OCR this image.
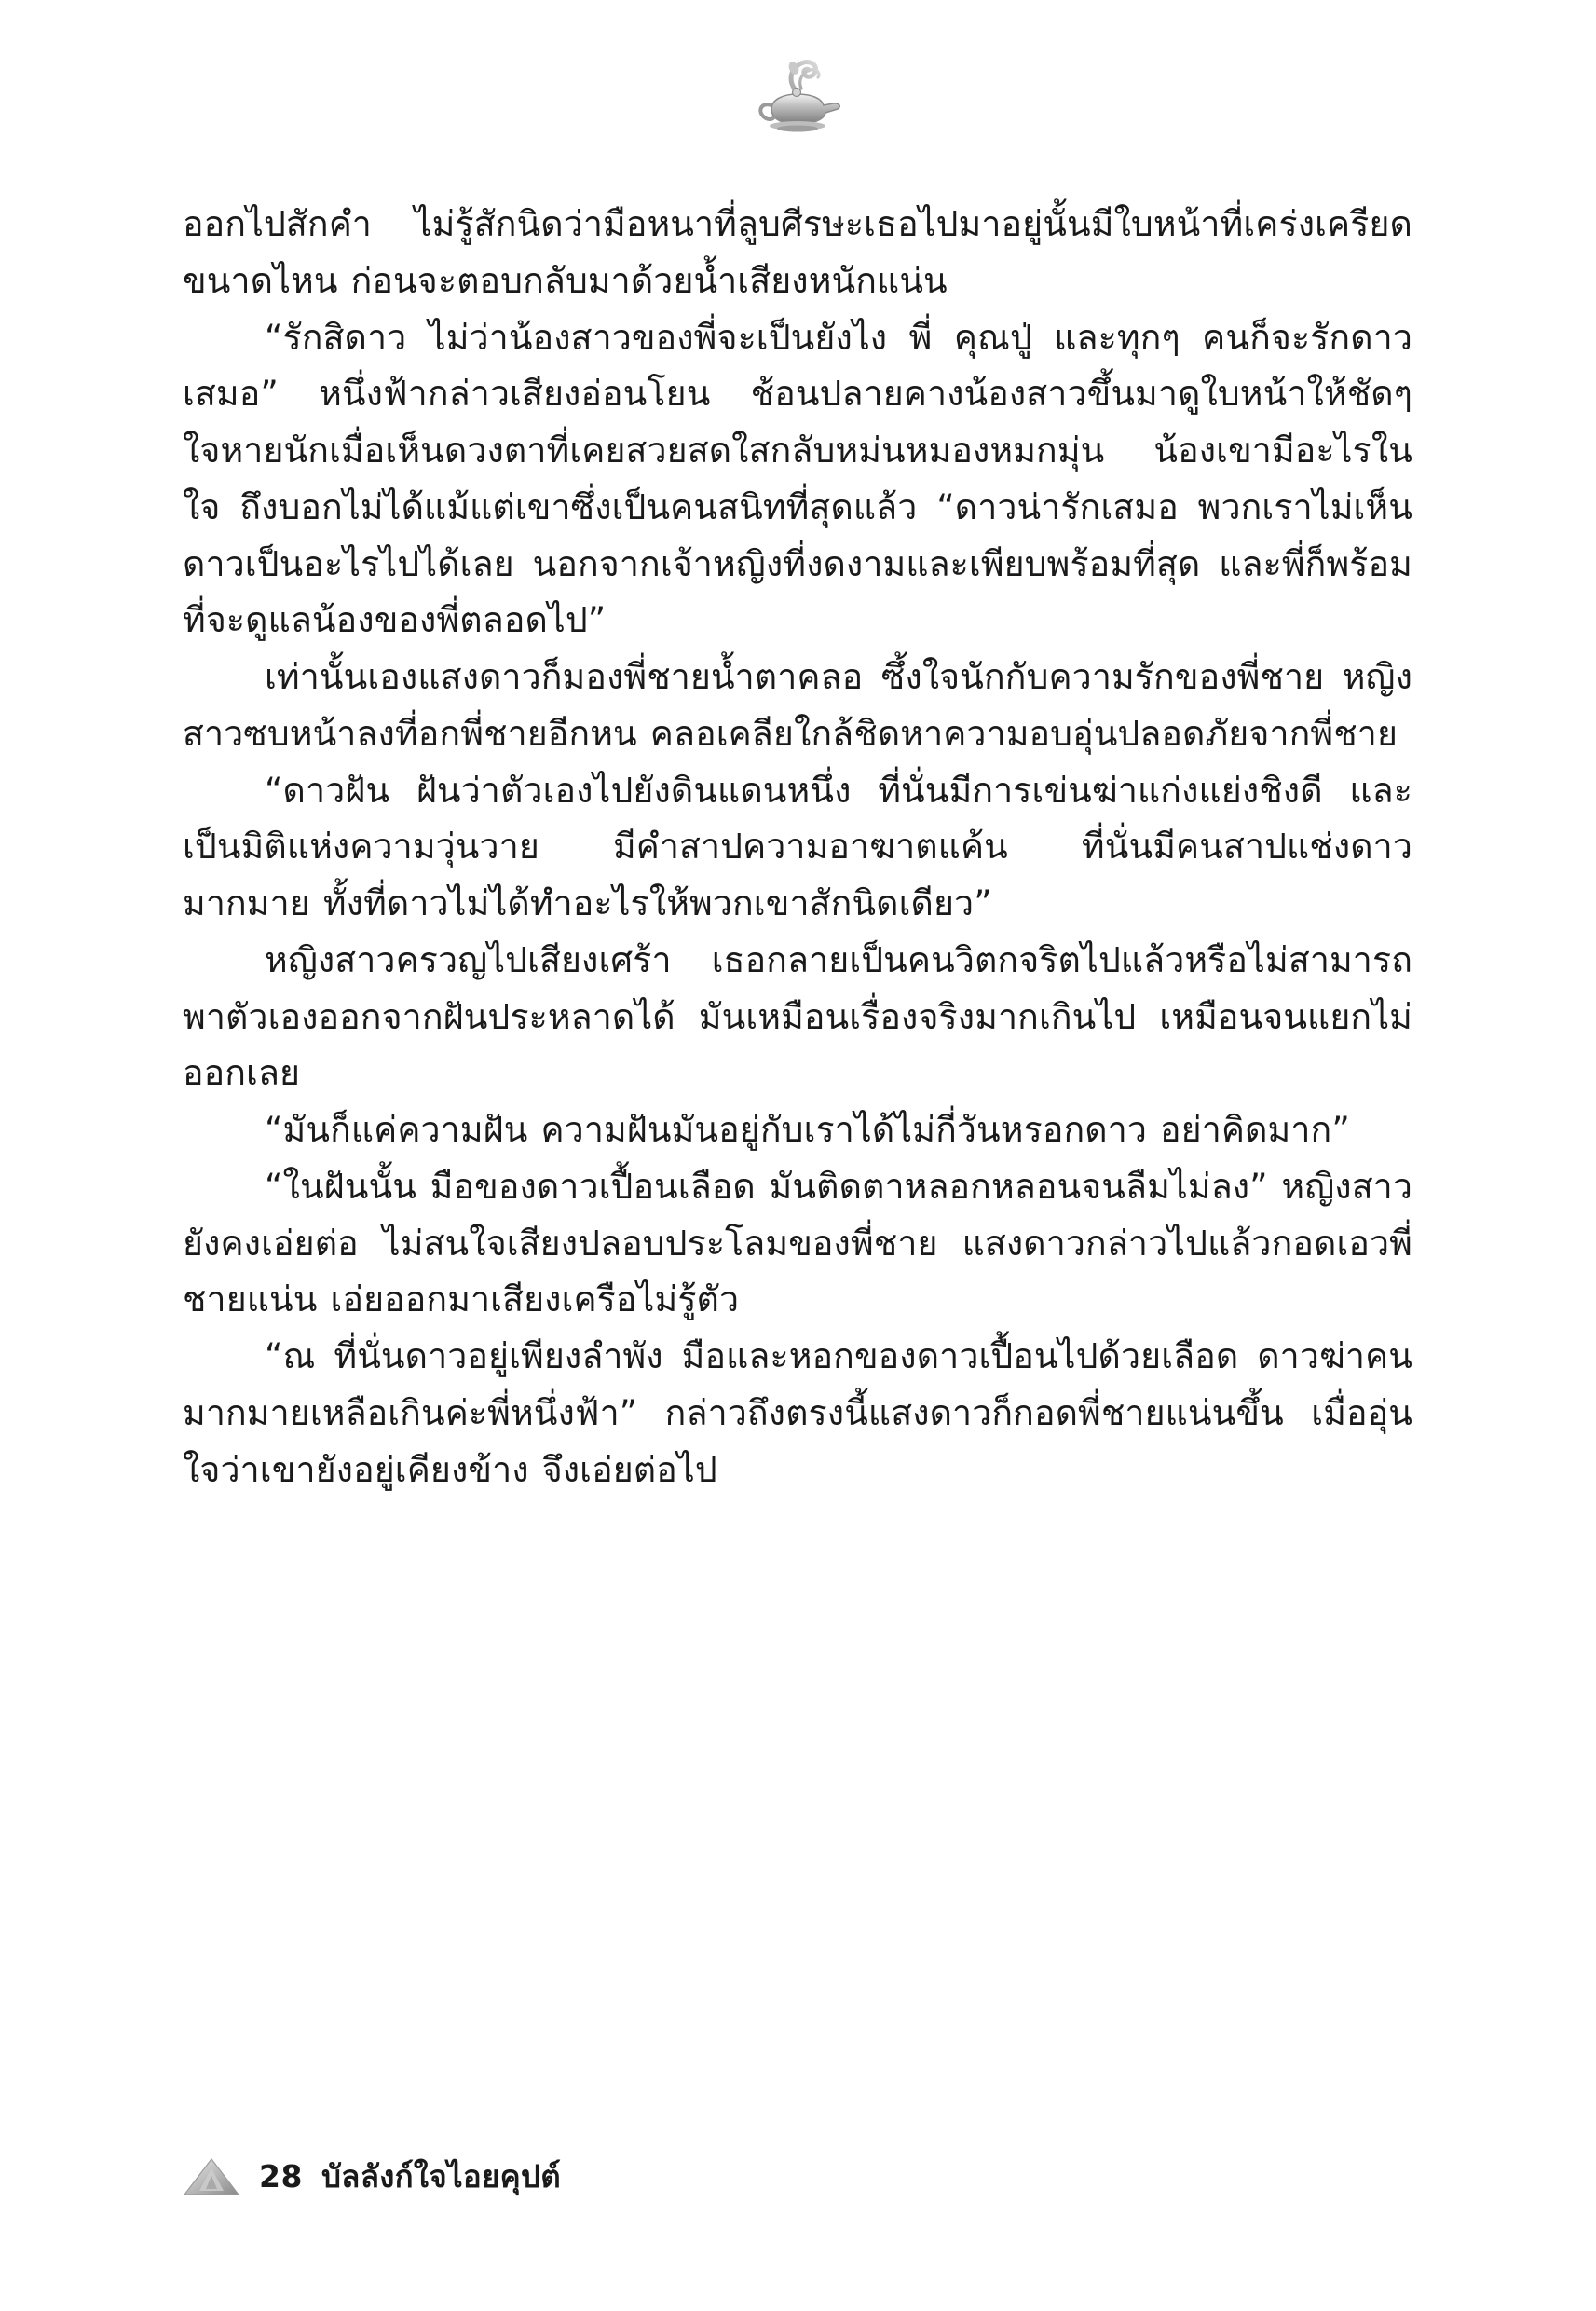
ออกไปสักคำ ไม่รู้สักนิดว่ามือหนาที่ลูบศีรษะเธอไปมาอยู่นั้นมีใบหน้าที่เคร่งเครียดขนาดไหน ก่อนจะตอบกลับมาด้วยน้ำเสียงหนักแน่น

“รักสิดาว ไม่ว่าน้องสาวของพี่จะเป็นยังไง พี่ คุณปู่ และทุกๆ คนก็จะรักดาวเสมอ” หนึ่งฟ้ากล่าวเสียงอ่อนโยน ช้อนปลายคางน้องสาวขึ้นมาดูใบหน้าให้ชัดๆ ใจหายนักเมื่อเห็นดวงตาที่เคยสวยสดใสกลับหม่นหมองหมกมุ่น น้องเขามีอะไรในใจ ถึงบอกไม่ได้แม้แต่เขาซึ่งเป็นคนสนิทที่สุดแล้ว “ดาวน่ารักเสมอ พวกเราไม่เห็นดาวเป็นอะไรไปได้เลย นอกจากเจ้าหญิงที่งดงามและเพียบพร้อมที่สุด และพี่ก็พร้อมที่จะดูแลน้องของพี่ตลอดไป”

เท่านั้นเองแสงดาวก็มองพี่ชายน้ำตาคลอ ซึ้งใจนักกับความรักของพี่ชาย หญิงสาวซบหน้าลงที่อกพี่ชายอีกหน คลอเคลียใกล้ชิดหาความอบอุ่นปลอดภัยจากพี่ชาย

“ดาวฝัน ฝันว่าตัวเองไปยังดินแดนหนึ่ง ที่นั่นมีการเข่นฆ่าแก่งแย่งชิงดี และเป็นมิติแห่งความวุ่นวาย มีคำสาปความอาฆาตแค้น ที่นั่นมีคนสาปแช่งดาวมากมาย ทั้งที่ดาวไม่ได้ทำอะไรให้พวกเขาสักนิดเดียว”

หญิงสาวครวญไปเสียงเศร้า เธอกลายเป็นคนวิตกจริตไปแล้วหรือไม่สามารถพาตัวเองออกจากฝันประหลาดได้ มันเหมือนเรื่องจริงมากเกินไป เหมือนจนแยกไม่ออกเลย

“มันก็แค่ความฝัน ความฝันมันอยู่กับเราได้ไม่กี่วันหรอกดาว อย่าคิดมาก”

“ในฝันนั้น มือของดาวเปื้อนเลือด มันติดตาหลอกหลอนจนลืมไม่ลง” หญิงสาวยังคงเอ่ยต่อ ไม่สนใจเสียงปลอบประโลมของพี่ชาย แสงดาวกล่าวไปแล้วกอดเอวพี่ชายแน่น เอ่ยออกมาเสียงเครือไม่รู้ตัว

“ณ ที่นั่นดาวอยู่เพียงลำพัง มือและหอกของดาวเปื้อนไปด้วยเลือด ดาวฆ่าคนมากมายเหลือเกินค่ะพี่หนึ่งฟ้า” กล่าวถึงตรงนี้แสงดาวก็กอดพี่ชายแน่นขึ้น เมื่ออุ่นใจว่าเขายังอยู่เคียงข้าง จึงเอ่ยต่อไป

28 บัลลังก์ใจไอยคุปต์
